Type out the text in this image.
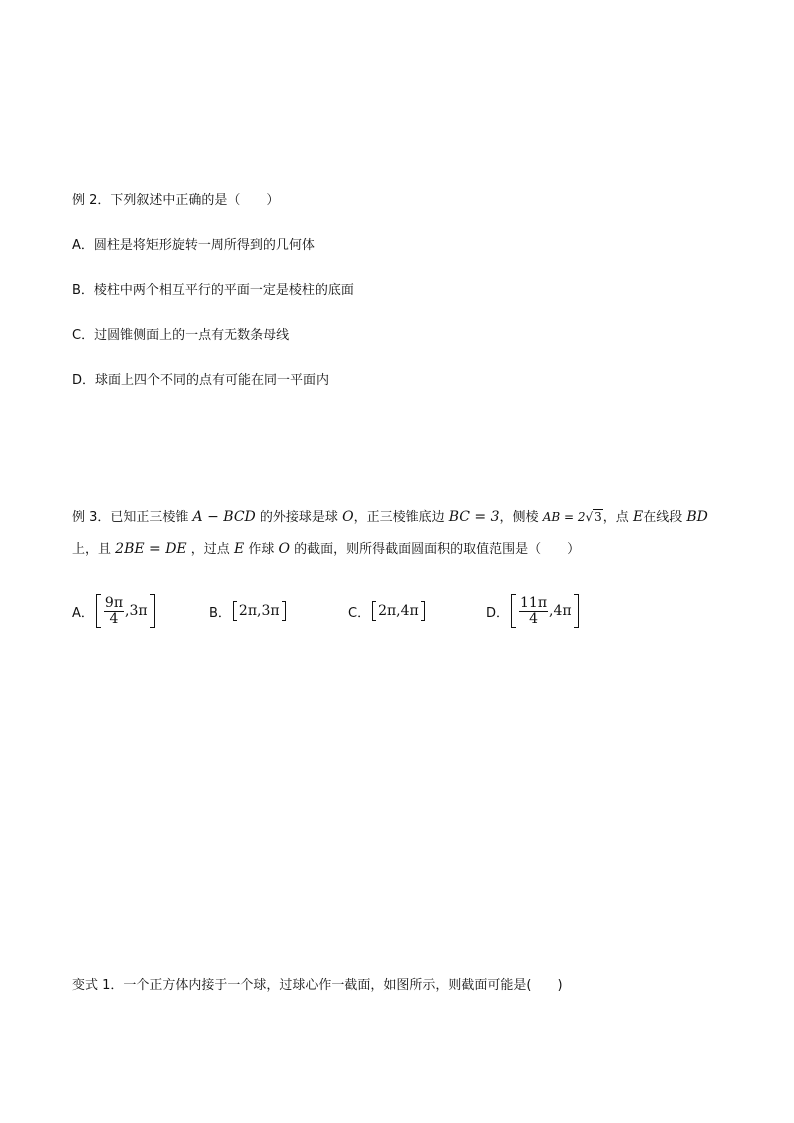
例 2．下列叙述中正确的是（　　）
A．圆柱是将矩形旋转一周所得到的几何体
B．棱柱中两个相互平行的平面一定是棱柱的底面
C．过圆锥侧面上的一点有无数条母线
D．球面上四个不同的点有可能在同一平面内
例 3．已知正三棱锥 A − BCD 的外接球是球 O，正三棱锥底边 BC = 3，侧棱 AB = 2√3，点 E在线段 BD
上，且 2BE = DE ，过点 E 作球 O 的截面，则所得截面圆面积的取值范围是（　　）
A． $\frac{9\pi}{4} ,3\pi$	B． 2π,3π	C． 2π,4π	D． $\frac{11\pi}{4} ,4\pi$
变式 1．一个正方体内接于一个球，过球心作一截面，如图所示，则截面可能是(　　)
